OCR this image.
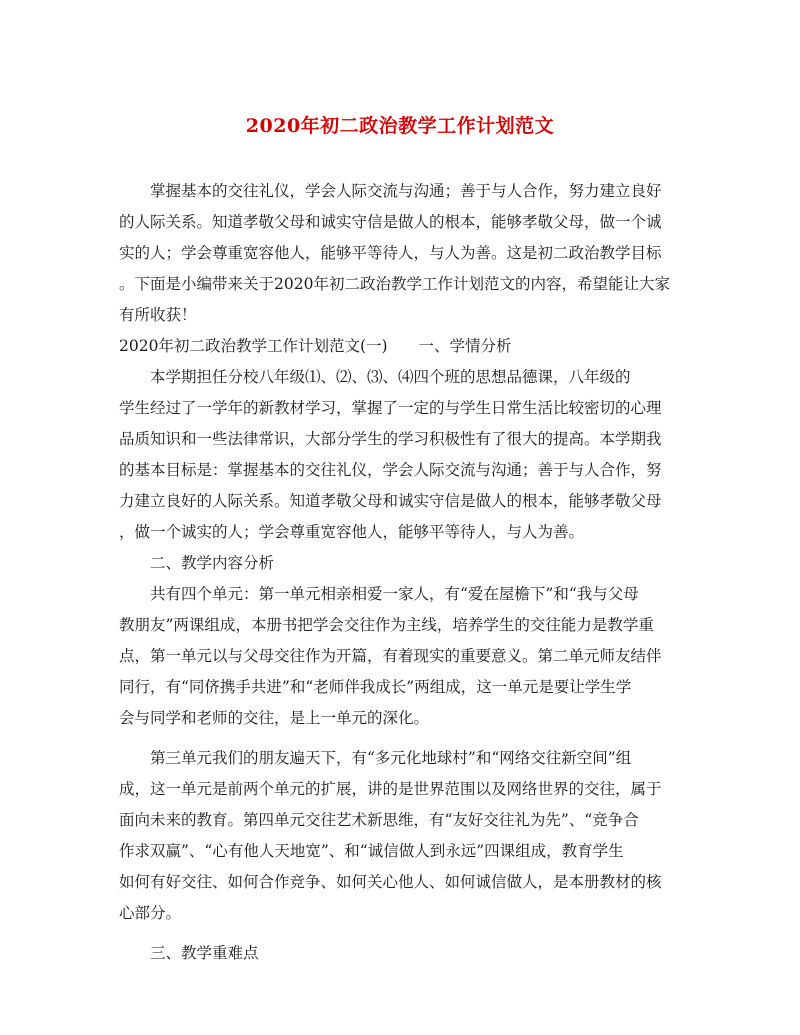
2020年初二政治教学工作计划范文
掌握基本的交往礼仪，学会人际交流与沟通；善于与人合作，努力建立良好
的人际关系。知道孝敬父母和诚实守信是做人的根本，能够孝敬父母，做一个诚
实的人；学会尊重宽容他人，能够平等待人，与人为善。这是初二政治教学目标
。下面是小编带来关于2020年初二政治教学工作计划范文的内容，希望能让大家
有所收获！
2020年初二政治教学工作计划范文(一)　　一、学情分析
本学期担任分校八年级⑴、⑵、⑶、⑷四个班的思想品德课，八年级的
学生经过了一学年的新教材学习，掌握了一定的与学生日常生活比较密切的心理
品质知识和一些法律常识，大部分学生的学习积极性有了很大的提高。本学期我
的基本目标是：掌握基本的交往礼仪，学会人际交流与沟通；善于与人合作，努
力建立良好的人际关系。知道孝敬父母和诚实守信是做人的根本，能够孝敬父母
，做一个诚实的人；学会尊重宽容他人，能够平等待人，与人为善。
二、教学内容分析
共有四个单元：第一单元相亲相爱一家人，有“爱在屋檐下”和“我与父母
教朋友”两课组成，本册书把学会交往作为主线，培养学生的交往能力是教学重
点，第一单元以与父母交往作为开篇，有着现实的重要意义。第二单元师友结伴
同行，有“同侪携手共进”和“老师伴我成长”两组成，这一单元是要让学生学
会与同学和老师的交往，是上一单元的深化。
第三单元我们的朋友遍天下，有“多元化地球村”和“网络交往新空间”组
成，这一单元是前两个单元的扩展，讲的是世界范围以及网络世界的交往，属于
面向未来的教育。第四单元交往艺术新思维，有“友好交往礼为先”、“竞争合
作求双赢”、“心有他人天地宽”、和“诚信做人到永远”四课组成，教育学生
如何有好交往、如何合作竞争、如何关心他人、如何诚信做人，是本册教材的核
心部分。
三、教学重难点
